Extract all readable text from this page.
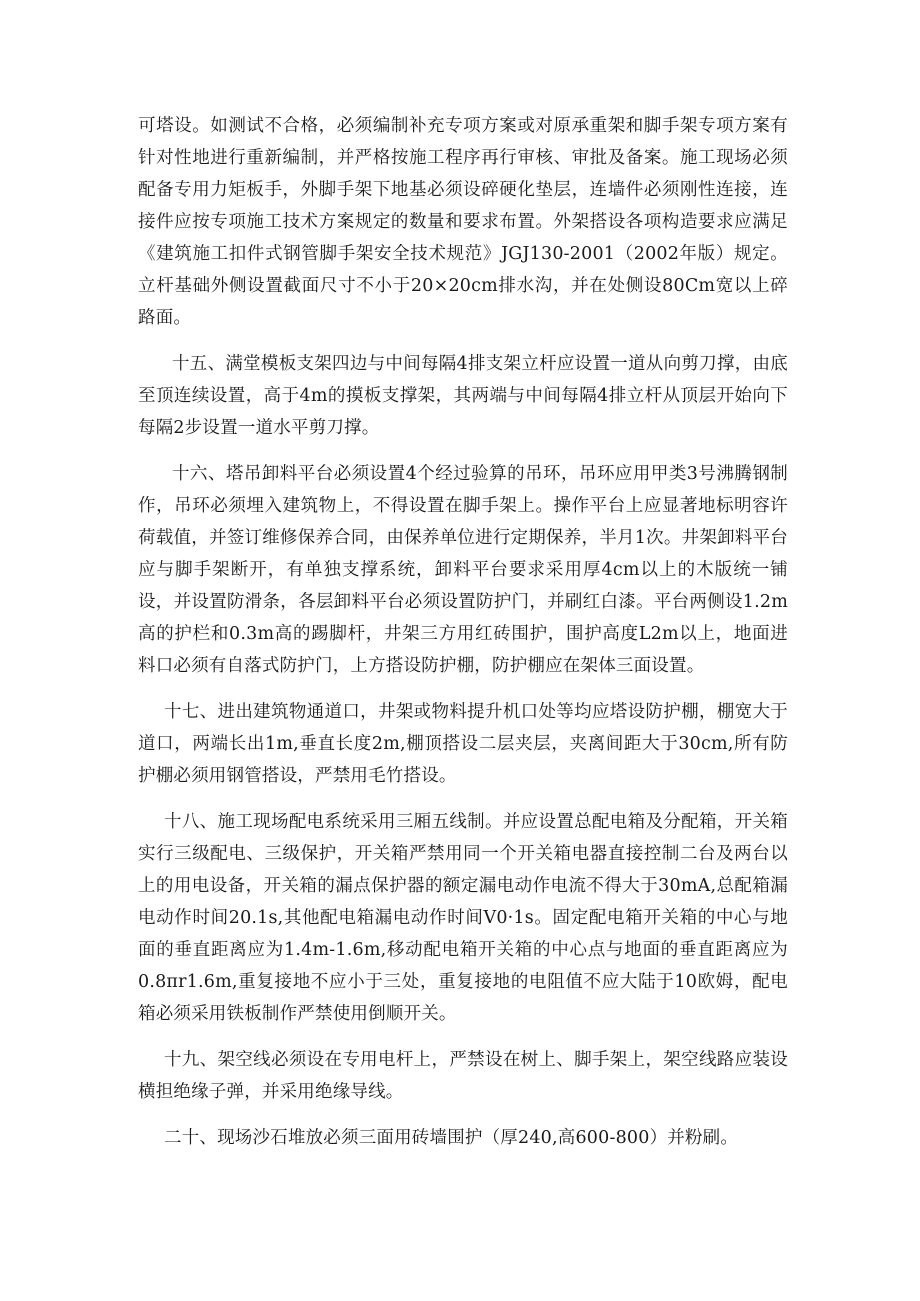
可塔设。如测试不合格，必须编制补充专项方案或对原承重架和脚手架专项方案有针对性地进行重新编制，并严格按施工程序再行审核、审批及备案。施工现场必须配备专用力矩板手，外脚手架下地基必须设碎硬化垫层，连墙件必须刚性连接，连接件应按专项施工技术方案规定的数量和要求布置。外架搭设各项构造要求应满足《建筑施工扣件式钢管脚手架安全技术规范》JGJ130-2001（2002年版）规定。立杆基础外侧设置截面尺寸不小于20×20cm排水沟，并在处侧设80Cm宽以上碎路面。

十五、满堂模板支架四边与中间每隔4排支架立杆应设置一道从向剪刀撑，由底至顶连续设置，高于4m的摸板支撑架，其两端与中间每隔4排立杆从顶层开始向下每隔2步设置一道水平剪刀撑。

十六、塔吊卸料平台必须设置4个经过验算的吊环，吊环应用甲类3号沸腾钢制作，吊环必须埋入建筑物上，不得设置在脚手架上。操作平台上应显著地标明容许荷载值，并签订维修保养合同，由保养单位进行定期保养，半月1次。井架卸料平台应与脚手架断开，有单独支撑系统，卸料平台要求采用厚4cm以上的木版统一铺设，并设置防滑条，各层卸料平台必须设置防护门，并刷红白漆。平台两侧设1.2m高的护栏和0.3m高的踢脚杆，井架三方用红砖围护，围护高度L2m以上，地面进料口必须有自落式防护门，上方搭设防护棚，防护棚应在架体三面设置。

十七、进出建筑物通道口，井架或物料提升机口处等均应塔设防护棚，棚宽大于道口，两端长出1m,垂直长度2m,棚顶搭设二层夹层，夹离间距大于30cm,所有防护棚必须用钢管搭设，严禁用毛竹搭设。

十八、施工现场配电系统采用三厢五线制。并应设置总配电箱及分配箱，开关箱实行三级配电、三级保护，开关箱严禁用同一个开关箱电器直接控制二台及两台以上的用电设备，开关箱的漏点保护器的额定漏电动作电流不得大于30mA,总配箱漏电动作时间20.1s,其他配电箱漏电动作时间V0·1s。固定配电箱开关箱的中心与地面的垂直距离应为1.4m-1.6m,移动配电箱开关箱的中心点与地面的垂直距离应为0.8πr1.6m,重复接地不应小于三处，重复接地的电阻值不应大陆于10欧姆，配电箱必须采用铁板制作严禁使用倒顺开关。

十九、架空线必须设在专用电杆上，严禁设在树上、脚手架上，架空线路应装设横担绝缘子弹，并采用绝缘导线。

二十、现场沙石堆放必须三面用砖墙围护（厚240,高600-800）并粉刷。
